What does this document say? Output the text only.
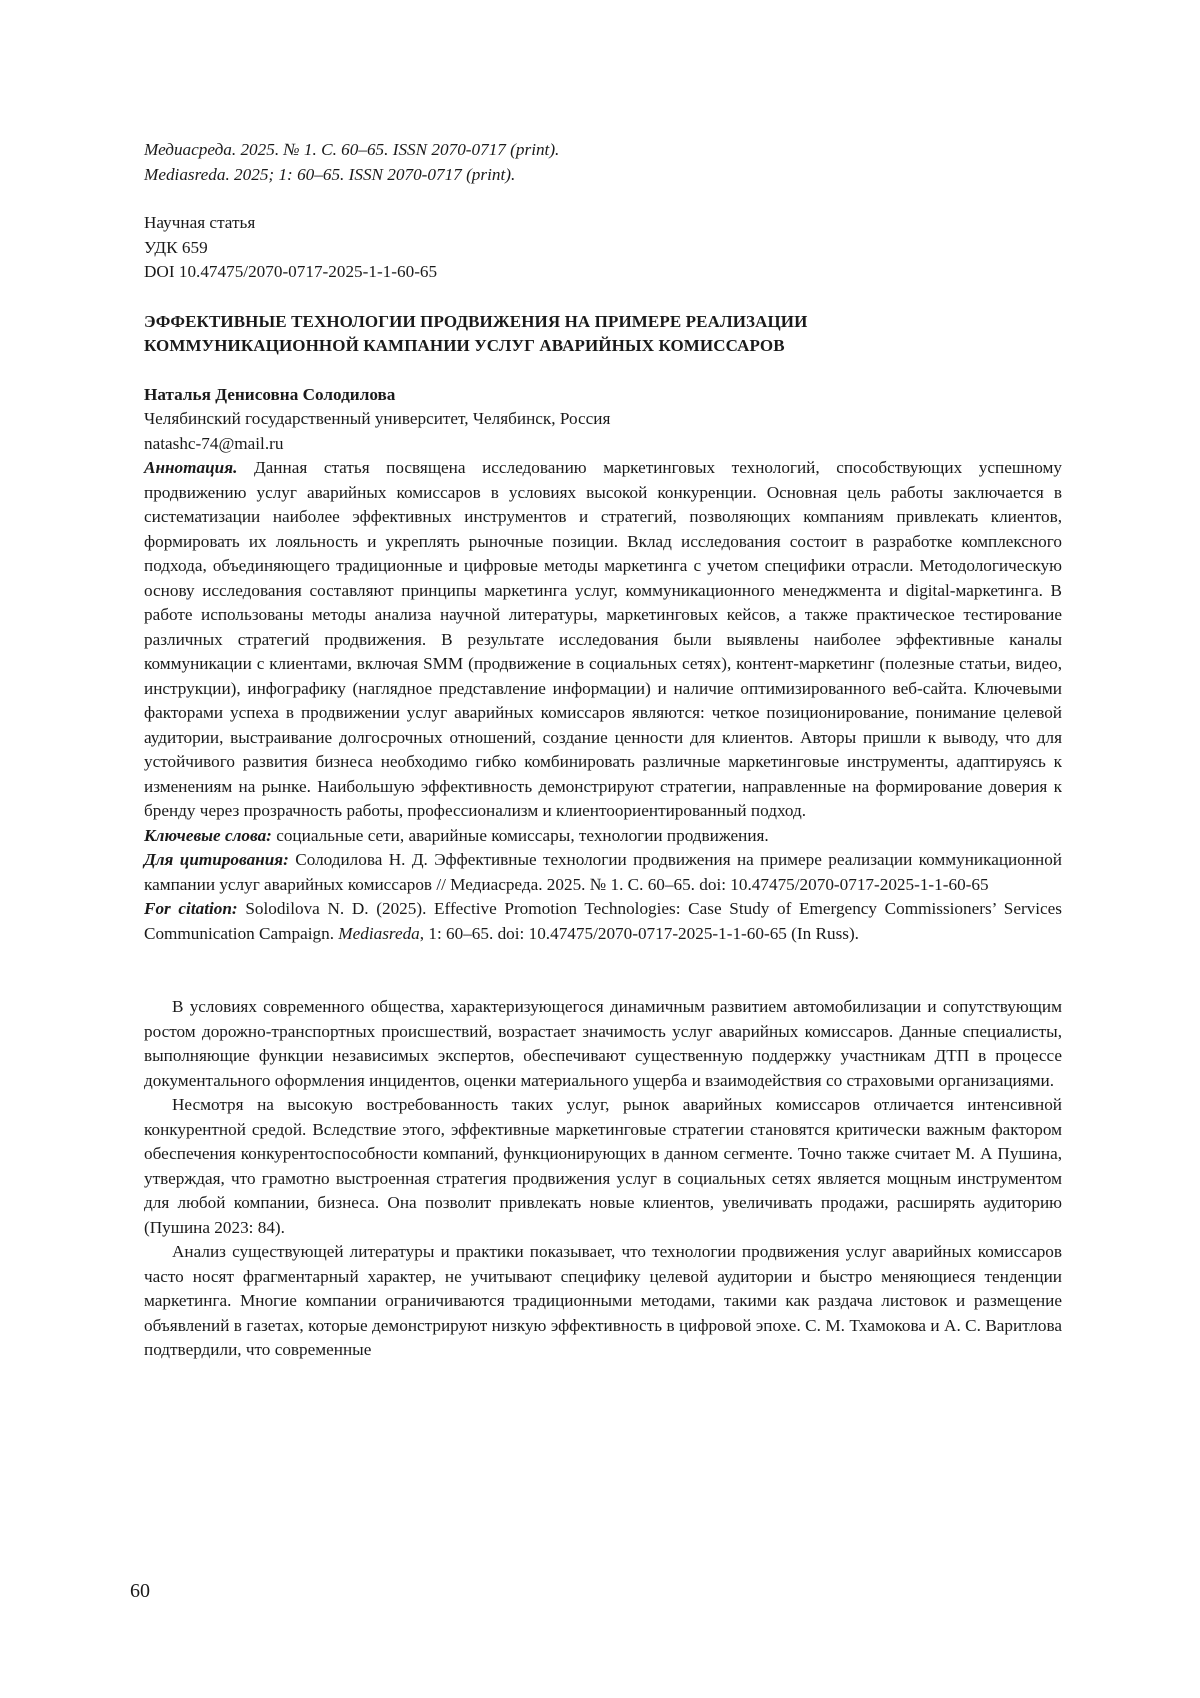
Медиасреда. 2025. № 1. С. 60–65. ISSN 2070-0717 (print).

Mediasreda. 2025; 1: 60–65. ISSN 2070-0717 (print).

Научная статья
УДК 659
DOI 10.47475/2070-0717-2025-1-1-60-65
ЭФФЕКТИВНЫЕ ТЕХНОЛОГИИ ПРОДВИЖЕНИЯ НА ПРИМЕРЕ РЕАЛИЗАЦИИ
КОММУНИКАЦИОННОЙ КАМПАНИИ УСЛУГ АВАРИЙНЫХ КОМИССАРОВ
Наталья Денисовна Солодилова
Челябинский государственный университет, Челябинск, Россия
natashc-74@mail.ru

Аннотация. Данная статья посвящена исследованию маркетинговых технологий, способствующих успешному продвижению услуг аварийных комиссаров в условиях высокой конкуренции. Основная цель работы заключается в систематизации наиболее эффективных инструментов и стратегий, позволяющих компаниям привлекать клиентов, формировать их лояльность и укреплять рыночные позиции. Вклад исследования состоит в разработке комплексного подхода, объединяющего традиционные и цифровые методы маркетинга с учетом специфики отрасли. Методологическую основу исследования составляют принципы маркетинга услуг, коммуникационного менеджмента и digital-маркетинга. В работе использованы методы анализа научной литературы, маркетинговых кейсов, а также практическое тестирование различных стратегий продвижения. В результате исследования были выявлены наиболее эффективные каналы коммуникации с клиентами, включая SMM (продвижение в социальных сетях), контент-маркетинг (полезные статьи, видео, инструкции), инфографику (наглядное представление информации) и наличие оптимизированного веб-сайта. Ключевыми факторами успеха в продвижении услуг аварийных комиссаров являются: четкое позиционирование, понимание целевой аудитории, выстраивание долгосрочных отношений, создание ценности для клиентов. Авторы пришли к выводу, что для устойчивого развития бизнеса необходимо гибко комбинировать различные маркетинговые инструменты, адаптируясь к изменениям на рынке. Наибольшую эффективность демонстрируют стратегии, направленные на формирование доверия к бренду через прозрачность работы, профессионализм и клиентоориентированный подход.

Ключевые слова: социальные сети, аварийные комиссары, технологии продвижения.

Для цитирования: Солодилова Н. Д. Эффективные технологии продвижения на примере реализации коммуникационной кампании услуг аварийных комиссаров // Медиасреда. 2025. № 1. С. 60–65. doi: 10.47475/2070-0717-2025-1-1-60-65

For citation: Solodilova N. D. (2025). Effective Promotion Technologies: Case Study of Emergency Commissioners’ Services Communication Campaign. Mediasreda, 1: 60–65. doi: 10.47475/2070-0717-2025-1-1-60-65 (In Russ).

В условиях современного общества, характеризующегося динамичным развитием автомобилизации и сопутствующим ростом дорожно-транспортных происшествий, возрастает значимость услуг аварийных комиссаров. Данные специалисты, выполняющие функции независимых экспертов, обеспечивают существенную поддержку участникам ДТП в процессе документального оформления инцидентов, оценки материального ущерба и взаимодействия со страховыми организациями.

Несмотря на высокую востребованность таких услуг, рынок аварийных комиссаров отличается интенсивной конкурентной средой. Вследствие этого, эффективные маркетинговые стратегии становятся критически важным фактором обеспечения конкурентоспособности компаний, функционирующих в данном сегменте. Точно также считает М. А Пушина, утверждая, что грамотно выстроенная стратегия продвижения услуг в социальных сетях является мощным инструментом для любой компании, бизнеса. Она позволит привлекать новые клиентов, увеличивать продажи, расширять аудиторию (Пушина 2023: 84).

Анализ существующей литературы и практики показывает, что технологии продвижения услуг аварийных комиссаров часто носят фрагментарный характер, не учитывают специфику целевой аудитории и быстро меняющиеся тенденции маркетинга. Многие компании ограничиваются традиционными методами, такими как раздача листовок и размещение объявлений в газетах, которые демонстрируют низкую эффективность в цифровой эпохе. С. М. Тхамокова и А. С. Варитлова подтвердили, что современные

60
